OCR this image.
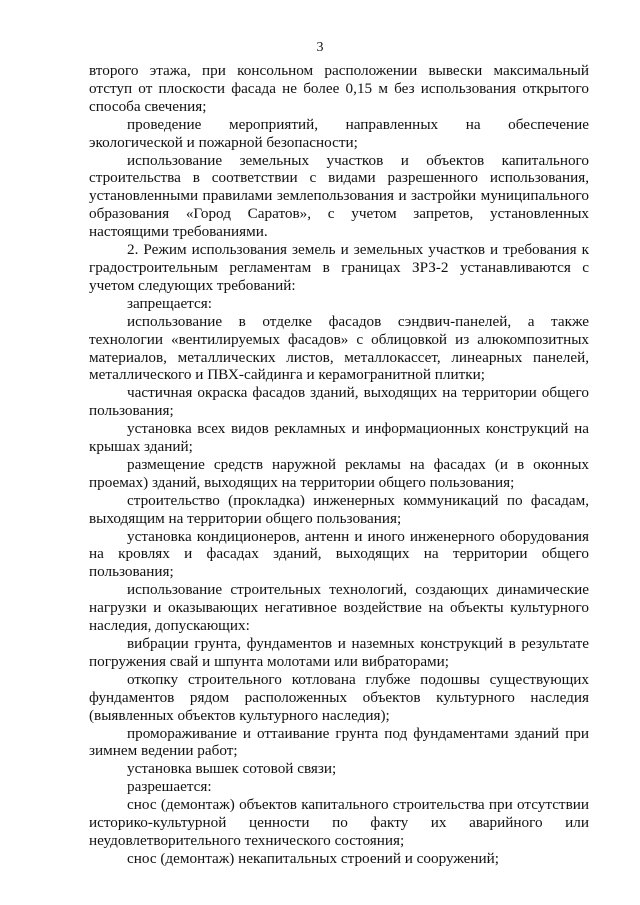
3

второго этажа, при консольном расположении вывески максимальный отступ от плоскости фасада не более 0,15 м без использования открытого способа свечения;

проведение мероприятий, направленных на обеспечение экологической и пожарной безопасности;

использование земельных участков и объектов капитального строительства в соответствии с видами разрешенного использования, установленными правилами землепользования и застройки муниципального образования «Город Саратов», с учетом запретов, установленных настоящими требованиями.

2. Режим использования земель и земельных участков и требования к градостроительным регламентам в границах ЗРЗ-2 устанавливаются с учетом следующих требований:

запрещается:

использование в отделке фасадов сэндвич-панелей, а также технологии «вентилируемых фасадов» с облицовкой из алюкомпозитных материалов, металлических листов, металлокассет, линеарных панелей, металлического и ПВХ-сайдинга и керамогранитной плитки;

частичная окраска фасадов зданий, выходящих на территории общего пользования;

установка всех видов рекламных и информационных конструкций на крышах зданий;

размещение средств наружной рекламы на фасадах (и в оконных проемах) зданий, выходящих на территории общего пользования;

строительство (прокладка) инженерных коммуникаций по фасадам, выходящим на территории общего пользования;

установка кондиционеров, антенн и иного инженерного оборудования на кровлях и фасадах зданий, выходящих на территории общего пользования;

использование строительных технологий, создающих динамические нагрузки и оказывающих негативное воздействие на объекты культурного наследия, допускающих:

вибрации грунта, фундаментов и наземных конструкций в результате погружения свай и шпунта молотами или вибраторами;

откопку строительного котлована глубже подошвы существующих фундаментов рядом расположенных объектов культурного наследия (выявленных объектов культурного наследия);

промораживание и оттаивание грунта под фундаментами зданий при зимнем ведении работ;

установка вышек сотовой связи;

разрешается:

снос (демонтаж) объектов капитального строительства при отсутствии историко-культурной ценности по факту их аварийного или неудовлетворительного технического состояния;

снос (демонтаж) некапитальных строений и сооружений;
